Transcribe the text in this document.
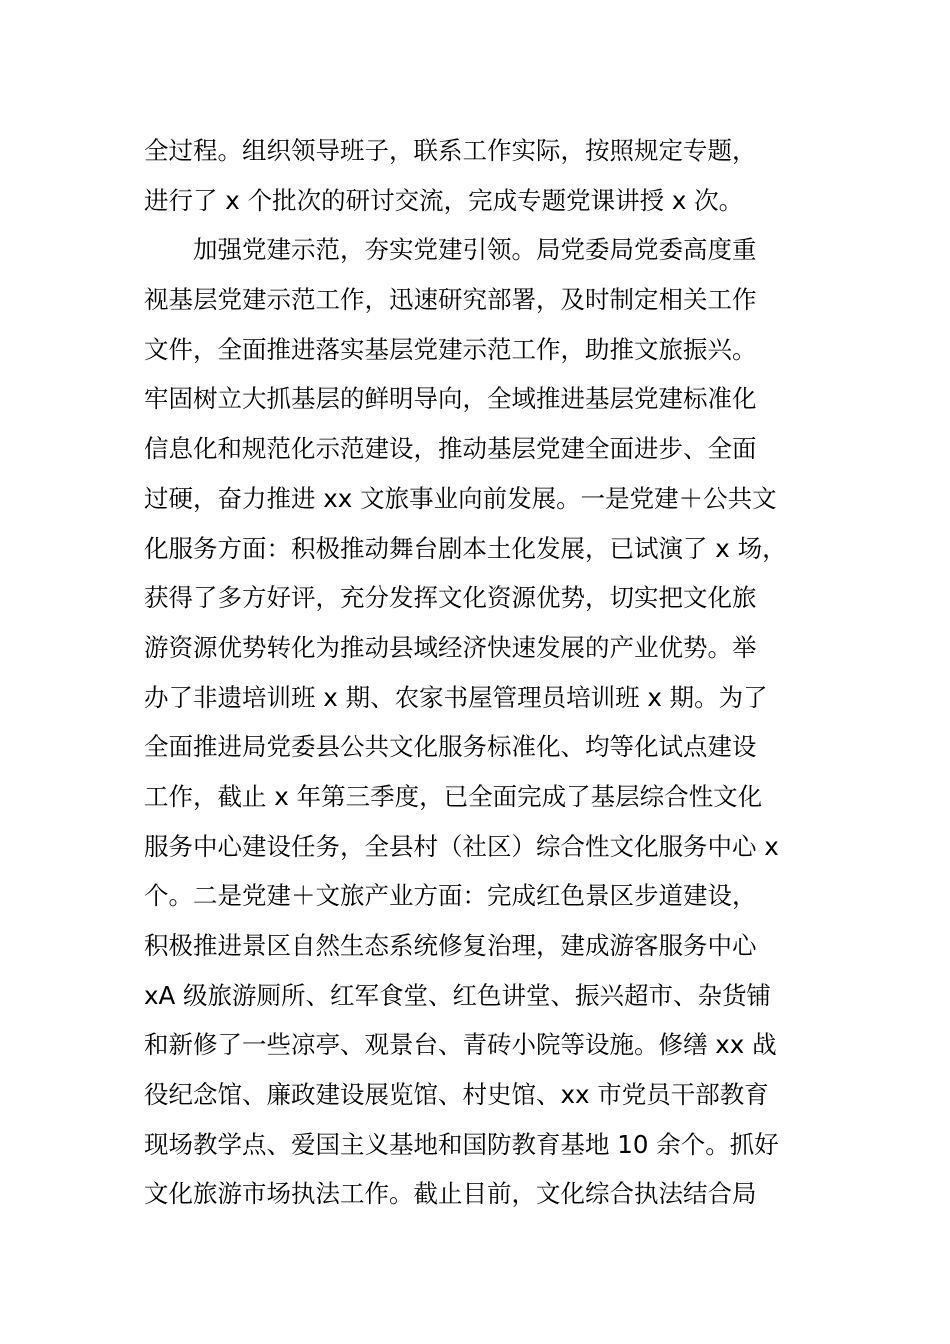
全过程。组织领导班子，联系工作实际，按照规定专题，
进行了 x 个批次的研讨交流，完成专题党课讲授 x 次。
加强党建示范，夯实党建引领。局党委局党委高度重
视基层党建示范工作，迅速研究部署，及时制定相关工作
文件，全面推进落实基层党建示范工作，助推文旅振兴。
牢固树立大抓基层的鲜明导向，全域推进基层党建标准化
信息化和规范化示范建设，推动基层党建全面进步、全面
过硬，奋力推进 xx 文旅事业向前发展。一是党建＋公共文
化服务方面：积极推动舞台剧本土化发展，已试演了 x 场，
获得了多方好评，充分发挥文化资源优势，切实把文化旅
游资源优势转化为推动县域经济快速发展的产业优势。举
办了非遗培训班 x 期、农家书屋管理员培训班 x 期。为了
全面推进局党委县公共文化服务标准化、均等化试点建设
工作，截止 x 年第三季度，已全面完成了基层综合性文化
服务中心建设任务，全县村（社区）综合性文化服务中心 x
个。二是党建＋文旅产业方面：完成红色景区步道建设，
积极推进景区自然生态系统修复治理，建成游客服务中心
xA 级旅游厕所、红军食堂、红色讲堂、振兴超市、杂货铺
和新修了一些凉亭、观景台、青砖小院等设施。修缮 xx 战
役纪念馆、廉政建设展览馆、村史馆、xx 市党员干部教育
现场教学点、爱国主义基地和国防教育基地 10 余个。抓好
文化旅游市场执法工作。截止目前，文化综合执法结合局
